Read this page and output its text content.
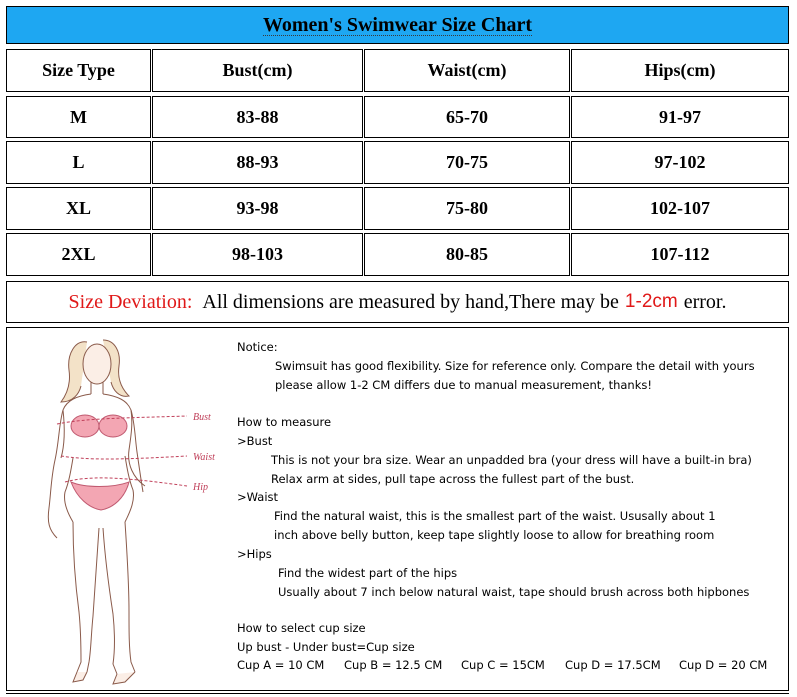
Women's Swimwear Size Chart
Size Type	Bust(cm)	Waist(cm)	Hips(cm)
M	83-88	65-70	91-97
L	88-93	70-75	97-102
XL	93-98	75-80	102-107
2XL	98-103	80-85	107-112
Size Deviation: All dimensions are measured by hand,There may be 1-2cm error.
Bust
Waist
Hip
Notice:
Swimsuit has good flexibility. Size for reference only. Compare the detail with yours
please allow 1-2 CM differs due to manual measurement, thanks!
How to measure
>Bust
This is not your bra size. Wear an unpadded bra (your dress will have a built-in bra)
Relax arm at sides, pull tape across the fullest part of the bust.
>Waist
Find the natural waist, this is the smallest part of the waist. Ususally about 1
inch above belly button, keep tape slightly loose to allow for breathing room
>Hips
Find the widest part of the hips
Usually about 7 inch below natural waist, tape should brush across both hipbones
How to select cup size
Up bust - Under bust=Cup size
Cup A = 10 CM Cup B = 12.5 CM Cup C = 15CM Cup D = 17.5CM Cup D = 20 CM
